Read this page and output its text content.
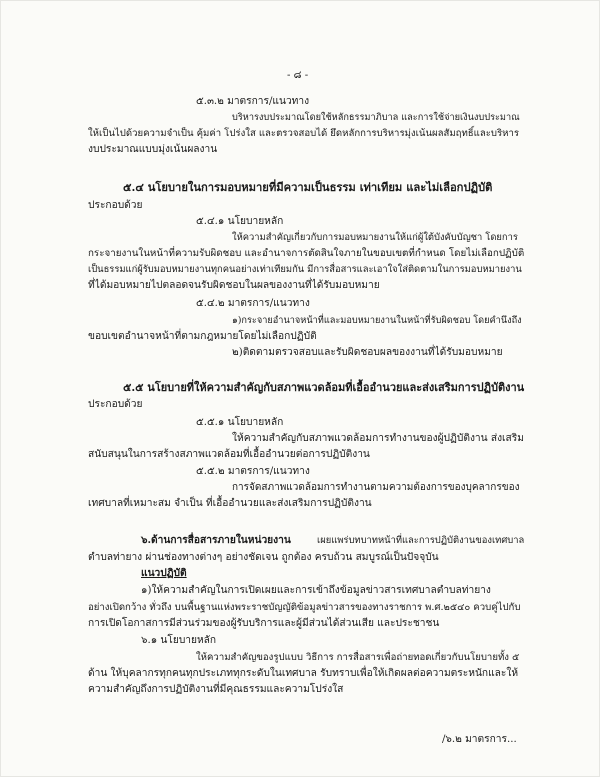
- ๘ -
๕.๓.๒ มาตรการ/แนวทาง
บริหารงบประมาณโดยใช้หลักธรรมาภิบาล และการใช้จ่ายเงินงบประมาณ
ให้เป็นไปด้วยความจำเป็น คุ้มค่า โปร่งใส และตรวจสอบได้ ยึดหลักการบริหารมุ่งเน้นผลสัมฤทธิ์และบริหาร
งบประมาณแบบมุ่งเน้นผลงาน
๕.๔ นโยบายในการมอบหมายที่มีความเป็นธรรม เท่าเทียม และไม่เลือกปฏิบัติ
ประกอบด้วย
๕.๔.๑ นโยบายหลัก
ให้ความสำคัญเกี่ยวกับการมอบหมายงานให้แก่ผู้ใต้บังคับบัญชา โดยการ
กระจายงานในหน้าที่ความรับผิดชอบ และอำนาจการตัดสินใจภายในขอบเขตที่กำหนด โดยไม่เลือกปฏิบัติ
เป็นธรรมแก่ผู้รับมอบหมายงานทุกคนอย่างเท่าเทียมกัน มีการสื่อสารและเอาใจใส่ติดตามในการมอบหมายงาน
ที่ได้มอบหมายไปตลอดจนรับผิดชอบในผลของงานที่ได้รับมอบหมาย
๕.๔.๒ มาตรการ/แนวทาง
๑)กระจายอำนาจหน้าที่และมอบหมายงานในหน้าที่รับผิดชอบ โดยคำนึงถึง
ขอบเขตอำนาจหน้าที่ตามกฎหมายโดยไม่เลือกปฏิบัติ
๒)ติดตามตรวจสอบและรับผิดชอบผลของงานที่ได้รับมอบหมาย
๕.๕ นโยบายที่ให้ความสำคัญกับสภาพแวดล้อมที่เอื้ออำนวยและส่งเสริมการปฏิบัติงาน
ประกอบด้วย
๕.๕.๑ นโยบายหลัก
ให้ความสำคัญกับสภาพแวดล้อมการทำงานของผู้ปฏิบัติงาน ส่งเสริม
สนับสนุนในการสร้างสภาพแวดล้อมที่เอื้ออำนวยต่อการปฏิบัติงาน
๕.๕.๒ มาตรการ/แนวทาง
การจัดสภาพแวดล้อมการทำงานตามความต้องการของบุคลากรของ
เทศบาลที่เหมาะสม จำเป็น ที่เอื้ออำนวยและส่งเสริมการปฏิบัติงาน
๖.ด้านการสื่อสารภายในหน่วยงาน	เผยแพร่บทบาทหน้าที่และการปฏิบัติงานของเทศบาล
ตำบลท่ายาง ผ่านช่องทางต่างๆ อย่างชัดเจน ถูกต้อง ครบถ้วน สมบูรณ์เป็นปัจจุบัน
แนวปฏิบัติ
๑)ให้ความสำคัญในการเปิดเผยและการเข้าถึงข้อมูลข่าวสารเทศบาลตำบลท่ายาง
อย่างเปิดกว้าง ทั่วถึง บนพื้นฐานแห่งพระราชบัญญัติข้อมูลข่าวสารของทางราชการ พ.ศ.๒๕๔๐ ควบคู่ไปกับ
การเปิดโอกาสการมีส่วนร่วมของผู้รับบริการและผู้มีส่วนได้ส่วนเสีย และประชาชน
๖.๑ นโยบายหลัก
ให้ความสำคัญของรูปแบบ วิธีการ การสื่อสารเพื่อถ่ายทอดเกี่ยวกับนโยบายทั้ง ๕
ด้าน ให้บุคลากรทุกคนทุกประเภททุกระดับในเทศบาล รับทราบเพื่อให้เกิดผลต่อความตระหนักและให้
ความสำคัญถึงการปฏิบัติงานที่มีคุณธรรมและความโปร่งใส
/๖.๒ มาตรการ...
